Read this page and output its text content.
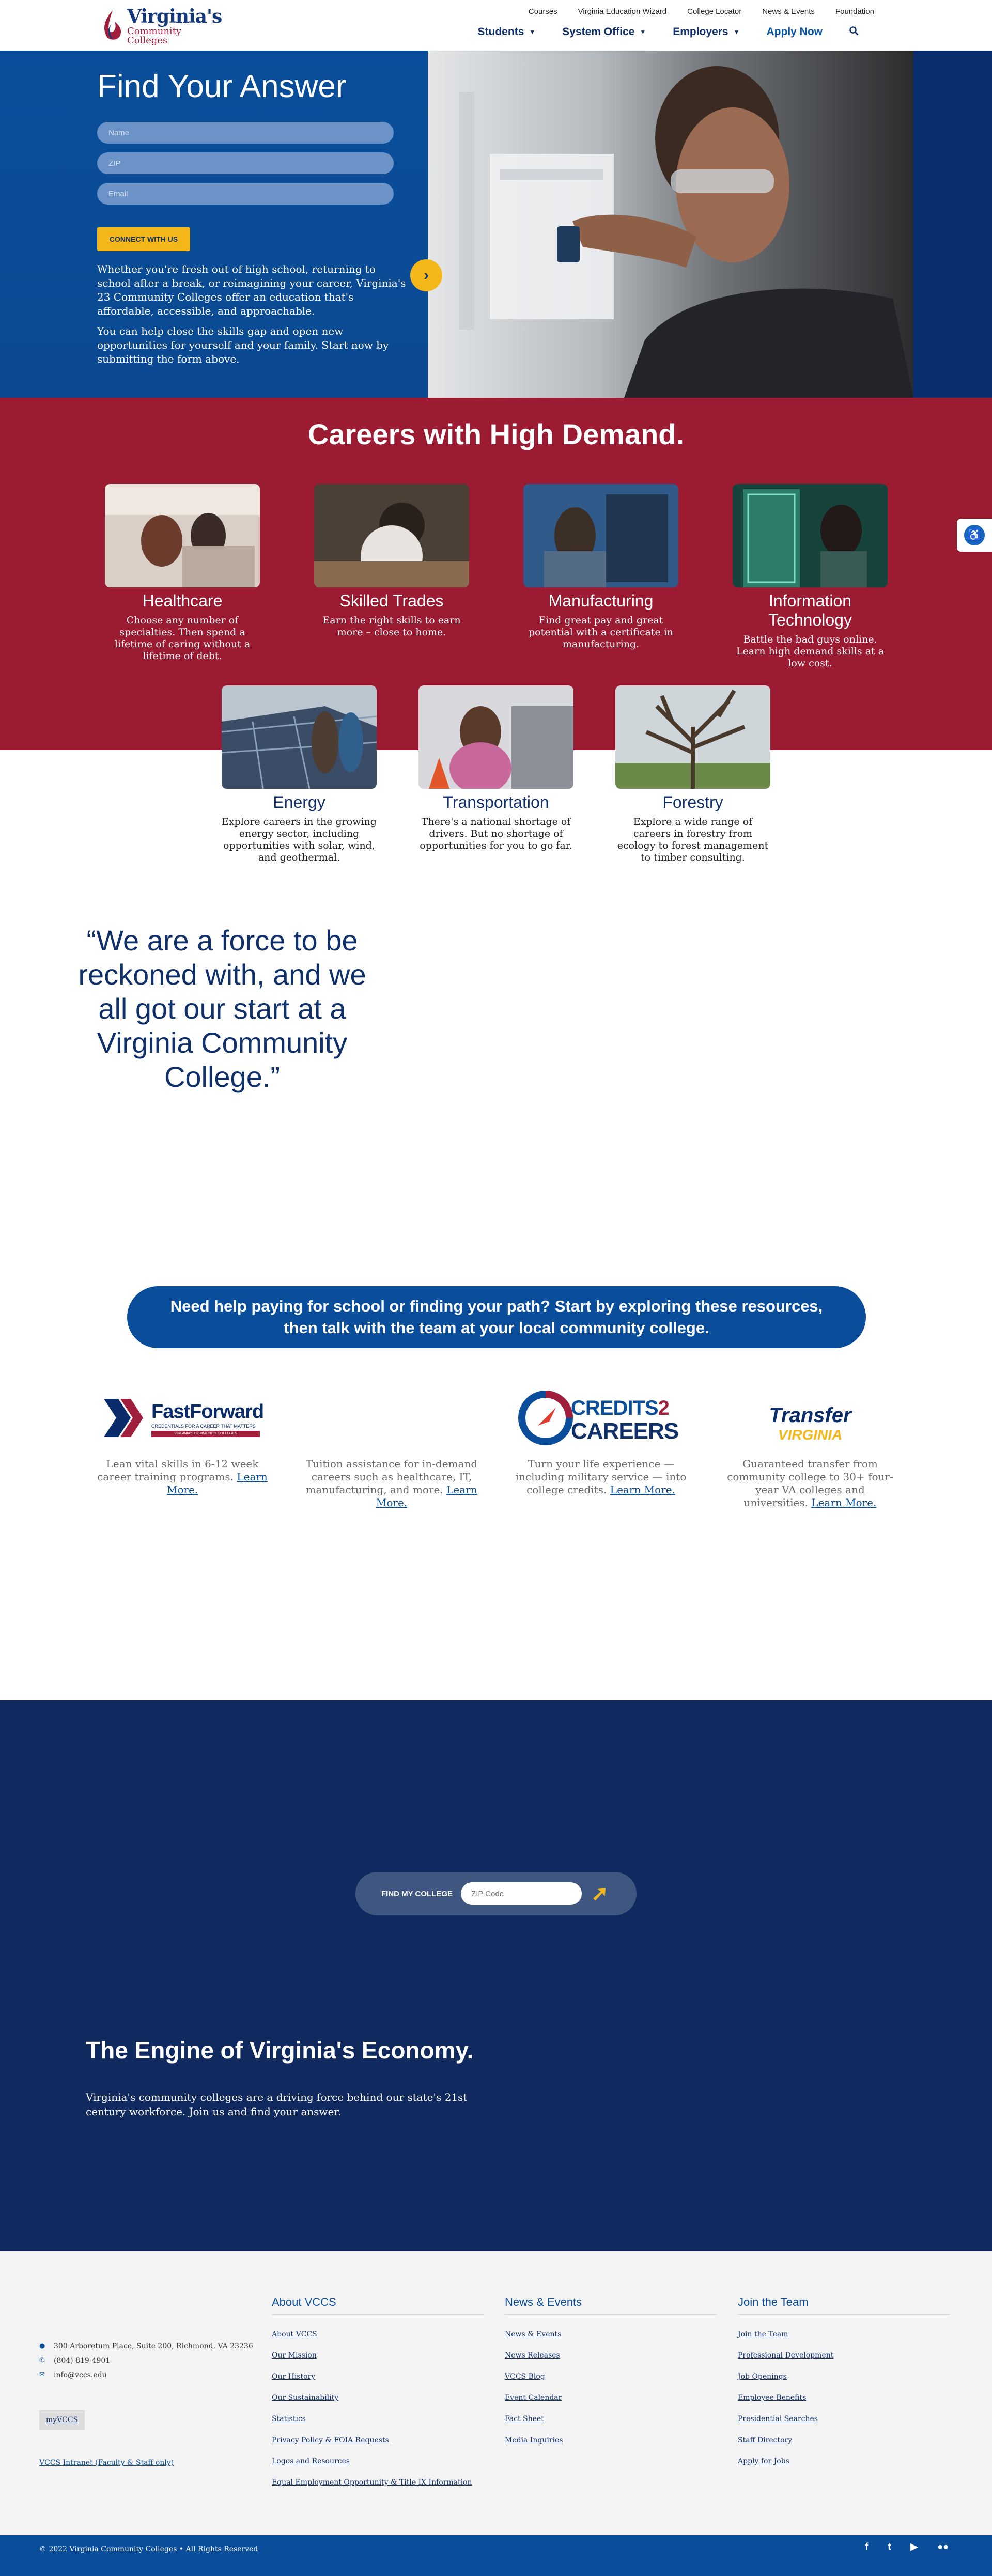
Virginia's
Community Colleges
Courses	Virginia Education Wizard	College Locator	News & Events	Foundation
Students ▼ System Office ▼ Employers ▼ Apply Now
Find Your Answer
Name
ZIP
Email
CONNECT WITH US

Whether you're fresh out of high school, returning to school after a break, or reimagining your career, Virginia's 23 Community Colleges offer an education that's affordable, accessible, and approachable.

You can help close the skills gap and open new opportunities for yourself and your family. Start now by submitting the form above.

›
Careers with High Demand.
Healthcare

Choose any number of specialties. Then spend a lifetime of caring without a lifetime of debt.

Skilled Trades

Earn the right skills to earn more – close to home.

Manufacturing

Find great pay and great potential with a certificate in manufacturing.

Information Technology

Battle the bad guys online. Learn high demand skills at a low cost.

Energy

Explore careers in the growing energy sector, including opportunities with solar, wind, and geothermal.

Transportation

There's a national shortage of drivers. But no shortage of opportunities for you to go far.

Forestry

Explore a wide range of careers in forestry from ecology to forest management to timber consulting.

“We are a force to be reckoned with, and we all got our start at a Virginia Community College.”
Need help paying for school or finding your path? Start by exploring these resources, then talk with the team at your local community college.
FastForward
CREDENTIALS FOR A CAREER THAT MATTERS
VIRGINIA'S COMMUNITY COLLEGES

Lean vital skills in 6-12 week career training programs. Learn More.

Tuition assistance for in-demand careers such as healthcare, IT, manufacturing, and more. Learn More.

CREDITS2
CAREERS

Turn your life experience — including military service — into college credits. Learn More.

Transfer
VIRGINIA

Guaranteed transfer from community college to 30+ four-year VA colleges and universities. Learn More.

FIND MY COLLEGE
ZIP Code	➚
The Engine of Virginia's Economy.

Virginia's community colleges are a driving force behind our state's 21st century workforce. Join us and find your answer.

● 300 Arboretum Place, Suite 200, Richmond, VA 23236
✆ (804) 819-4901
✉ info@vccs.edu
myVCCS
VCCS Intranet (Faculty & Staff only)
About VCCS
About VCCS
Our Mission
Our History
Our Sustainability
Statistics
Privacy Policy & FOIA Requests
Logos and Resources
Equal Employment Opportunity & Title IX Information
News & Events
News & Events
News Releases
VCCS Blog
Event Calendar
Fact Sheet
Media Inquiries
Join the Team
Join the Team
Professional Development
Job Openings
Employee Benefits
Presidential Searches
Staff Directory
Apply for Jobs
© 2022 Virginia Community Colleges • All Rights Reserved	f t ▶ ●●
♿
